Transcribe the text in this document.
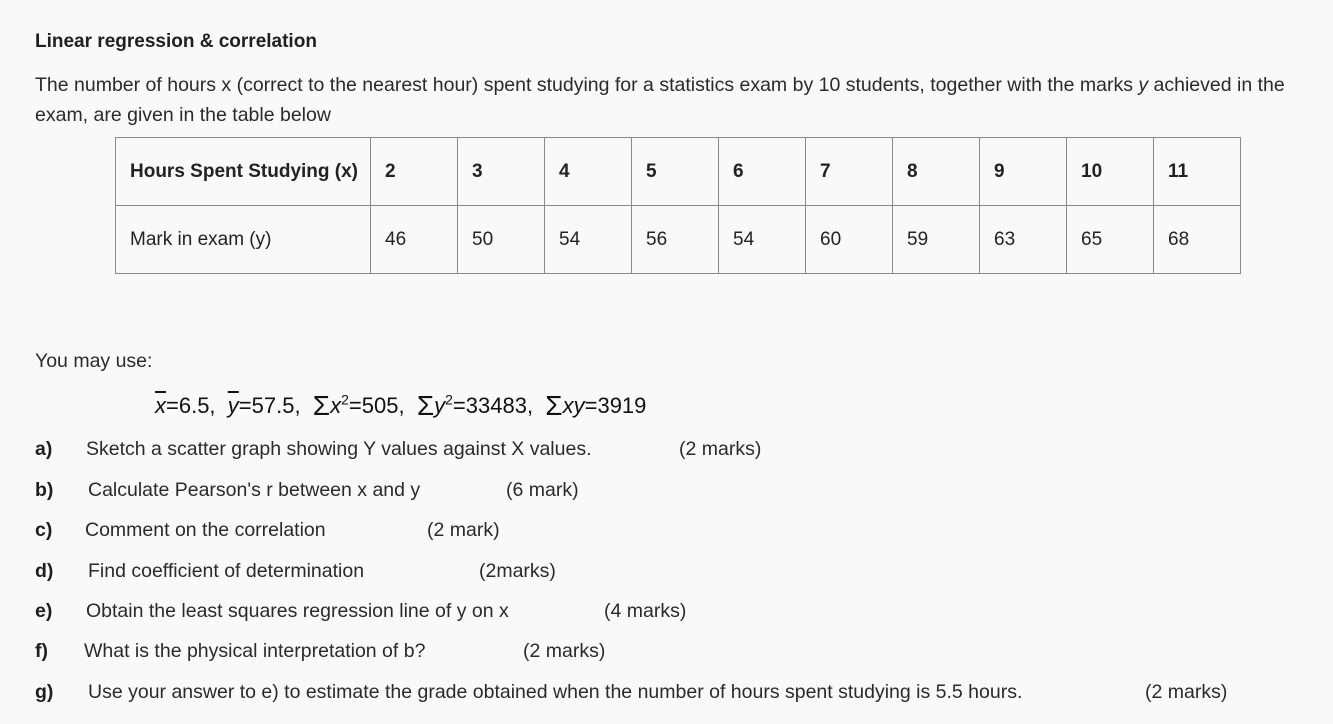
Linear regression & correlation
The number of hours x (correct to the nearest hour) spent studying for a statistics exam by 10 students, together with the marks y achieved in the exam, are given in the table below
Hours Spent Studying (x)	2	3	4	5	6	7	8	9	10	11
Mark in exam (y)	46	50	54	56	54	60	59	63	65	68
You may use:
$\overline{x}=6.5$, $\overline{y}=57.5$, $\Sigma x^2=505$, $\Sigma y^2=33483$, Σxy=3919
a) Sketch a scatter graph showing Y values against X values.	(2 marks)
b) Calculate Pearson's r between x and y	(6 mark)
c) Comment on the correlation	(2 mark)
d) Find coefficient of determination	(2marks)
e) Obtain the least squares regression line of y on x	(4 marks)
f) What is the physical interpretation of b?	(2 marks)
g) Use your answer to e) to estimate the grade obtained when the number of hours spent studying is 5.5 hours.	(2 marks)
